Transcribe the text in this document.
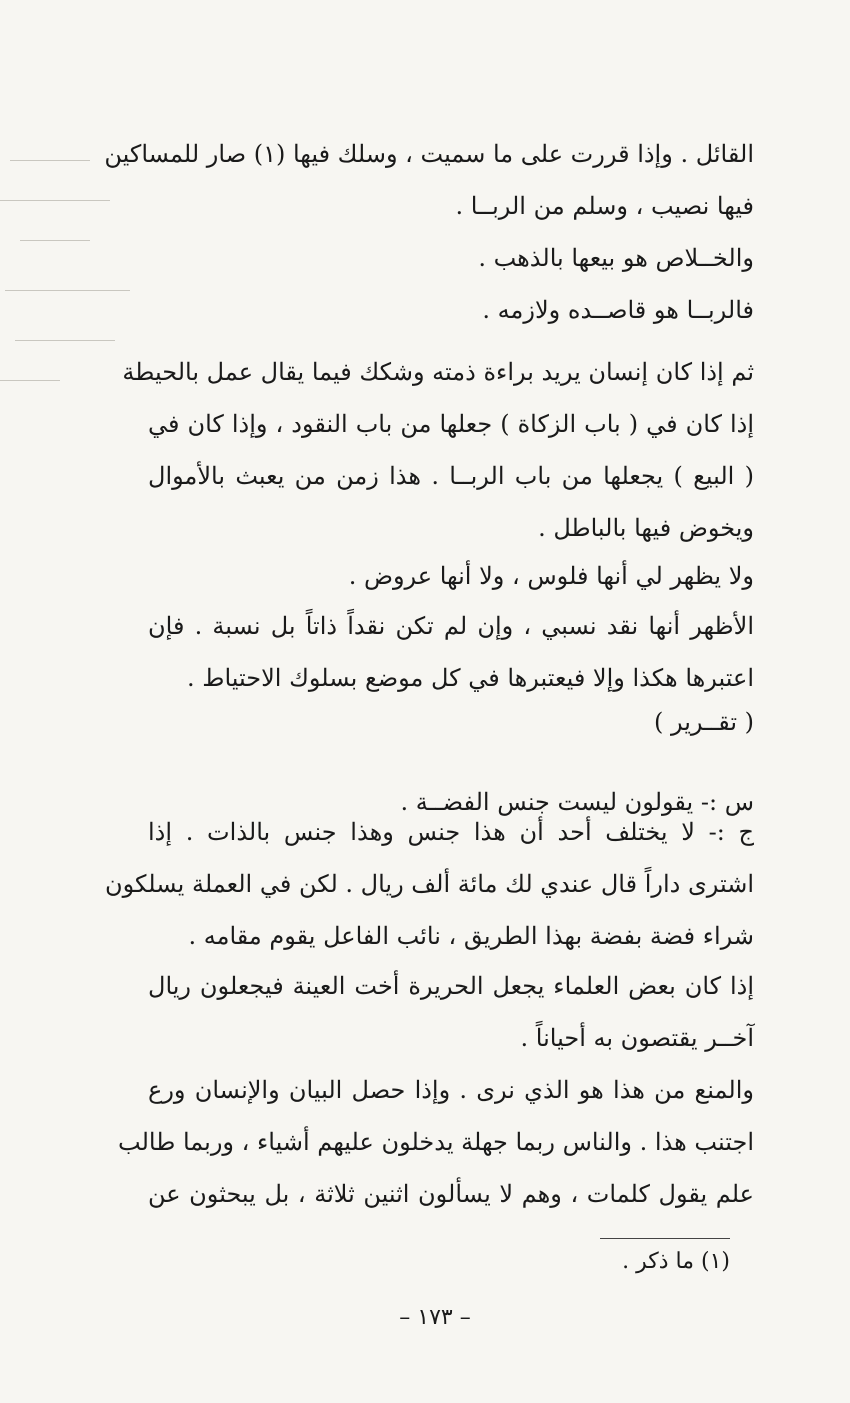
القائل . وإذا قررت على ما سميت ، وسلك فيها (١) صار للمساكين
فيها نصيب ، وسلم من الربــا .
والخــلاص هو بيعها بالذهب .
فالربــا هو قاصــده ولازمه .
ثم إذا كان إنسان يريد براءة ذمته وشكك فيما يقال عمل بالحيطة
إذا كان في ( باب الزكاة ) جعلها من باب النقود ، وإذا كان في
( البيع ) يجعلها من باب الربــا . هذا زمن من يعبث بالأموال
ويخوض فيها بالباطل .
ولا يظهر لي أنها فلوس ، ولا أنها عروض .
الأظهر أنها نقد نسبي ، وإن لم تكن نقداً ذاتاً بل نسبة . فإن
اعتبرها هكذا وإلا فيعتبرها في كل موضع بسلوك الاحتياط .
( تقــرير )
س :- يقولون ليست جنس الفضــة .
ج :- لا يختلف أحد أن هذا جنس وهذا جنس بالذات . إذا
اشترى داراً قال عندي لك مائة ألف ريال . لكن في العملة يسلكون
شراء فضة بفضة بهذا الطريق ، نائب الفاعل يقوم مقامه .
إذا كان بعض العلماء يجعل الحريرة أخت العينة فيجعلون ريال
آخــر يقتصون به أحياناً .
والمنع من هذا هو الذي نرى . وإذا حصل البيان والإنسان ورع
اجتنب هذا . والناس ربما جهلة يدخلون عليهم أشياء ، وربما طالب
علم يقول كلمات ، وهم لا يسألون اثنين ثلاثة ، بل يبحثون عن
(١) ما ذكر .
– ١٧٣ –
